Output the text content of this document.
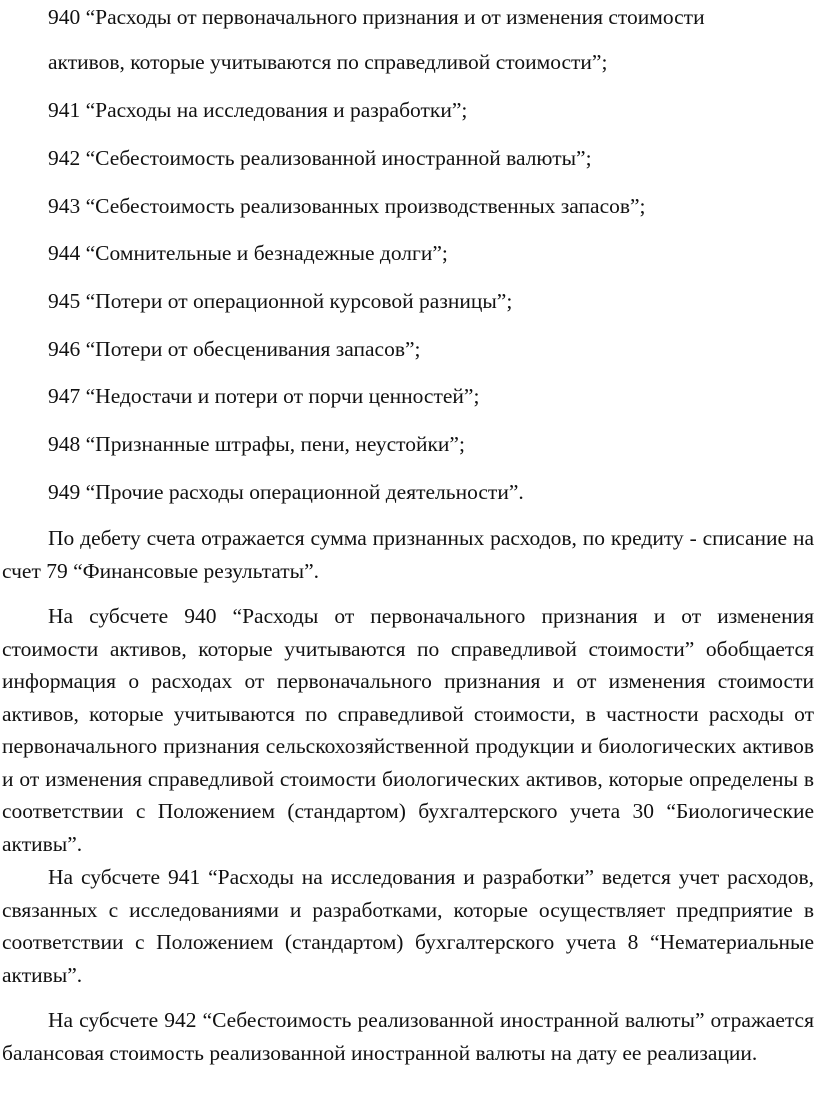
940 “Расходы от первоначального признания и от изменения стоимости
активов, которые учитываются по справедливой стоимости”;
941 “Расходы на исследования и разработки”;
942 “Себестоимость реализованной иностранной валюты”;
943 “Себестоимость реализованных производственных запасов”;
944 “Сомнительные и безнадежные долги”;
945 “Потери от операционной курсовой разницы”;
946 “Потери от обесценивания запасов”;
947 “Недостачи и потери от порчи ценностей”;
948 “Признанные штрафы, пени, неустойки”;
949 “Прочие расходы операционной деятельности”.

По дебету счета отражается сумма признанных расходов, по кредиту - списание на счет 79 “Финансовые результаты”.

На субсчете 940 “Расходы от первоначального признания и от изменения стоимости активов, которые учитываются по справедливой стоимости” обобщается информация о расходах от первоначального признания и от изменения стоимости активов, которые учитываются по справедливой стоимости, в частности расходы от первоначального признания сельскохозяйственной продукции и биологических активов и от изменения справедливой стоимости биологических активов, которые определены в соответствии с Положением (стандартом) бухгалтерского учета 30 “Биологические активы”.

На субсчете 941 “Расходы на исследования и разработки” ведется учет расходов, связанных с исследованиями и разработками, которые осуществляет предприятие в соответствии с Положением (стандартом) бухгалтерского учета 8 “Нематериальные активы”.

На субсчете 942 “Себестоимость реализованной иностранной валюты” отражается балансовая стоимость реализованной иностранной валюты на дату ее реализации.
